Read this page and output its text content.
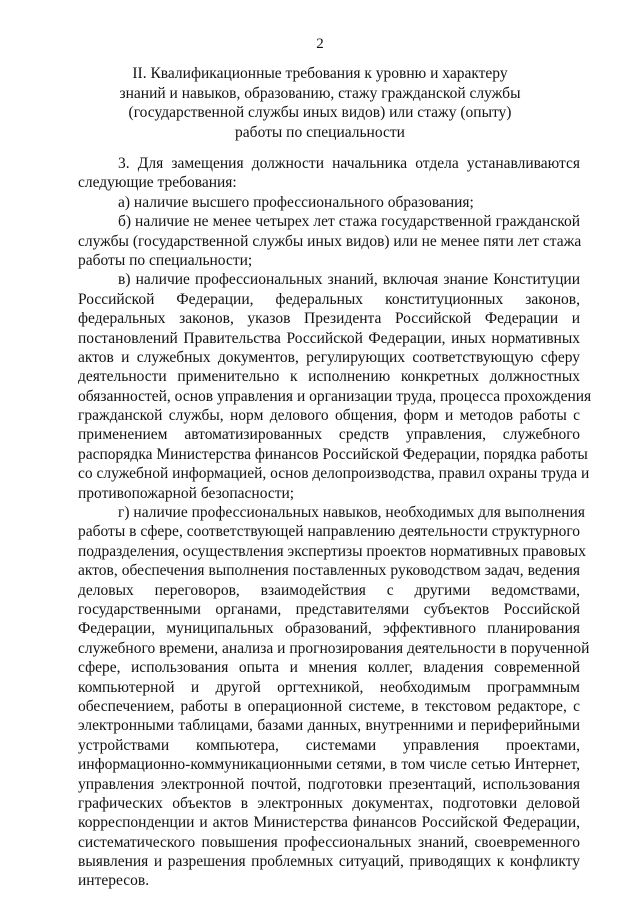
2
II. Квалификационные требования к уровню и характеру
знаний и навыков, образованию, стажу гражданской службы
(государственной службы иных видов) или стажу (опыту)
работы по специальности
3. Для замещения должности начальника отдела устанавливаются
следующие требования:
а) наличие высшего профессионального образования;
б) наличие не менее четырех лет стажа государственной гражданской
службы (государственной службы иных видов) или не менее пяти лет стажа
работы по специальности;
в) наличие профессиональных знаний, включая знание Конституции
Российской Федерации, федеральных конституционных законов,
федеральных законов, указов Президента Российской Федерации и
постановлений Правительства Российской Федерации, иных нормативных
актов и служебных документов, регулирующих соответствующую сферу
деятельности применительно к исполнению конкретных должностных
обязанностей, основ управления и организации труда, процесса прохождения
гражданской службы, норм делового общения, форм и методов работы с
применением автоматизированных средств управления, служебного
распорядка Министерства финансов Российской Федерации, порядка работы
со служебной информацией, основ делопроизводства, правил охраны труда и
противопожарной безопасности;
г) наличие профессиональных навыков, необходимых для выполнения
работы в сфере, соответствующей направлению деятельности структурного
подразделения, осуществления экспертизы проектов нормативных правовых
актов, обеспечения выполнения поставленных руководством задач, ведения
деловых переговоров, взаимодействия с другими ведомствами,
государственными органами, представителями субъектов Российской
Федерации, муниципальных образований, эффективного планирования
служебного времени, анализа и прогнозирования деятельности в порученной
сфере, использования опыта и мнения коллег, владения современной
компьютерной и другой оргтехникой, необходимым программным
обеспечением, работы в операционной системе, в текстовом редакторе, с
электронными таблицами, базами данных, внутренними и периферийными
устройствами компьютера, системами управления проектами,
информационно-коммуникационными сетями, в том числе сетью Интернет,
управления электронной почтой, подготовки презентаций, использования
графических объектов в электронных документах, подготовки деловой
корреспонденции и актов Министерства финансов Российской Федерации,
систематического повышения профессиональных знаний, своевременного
выявления и разрешения проблемных ситуаций, приводящих к конфликту
интересов.
